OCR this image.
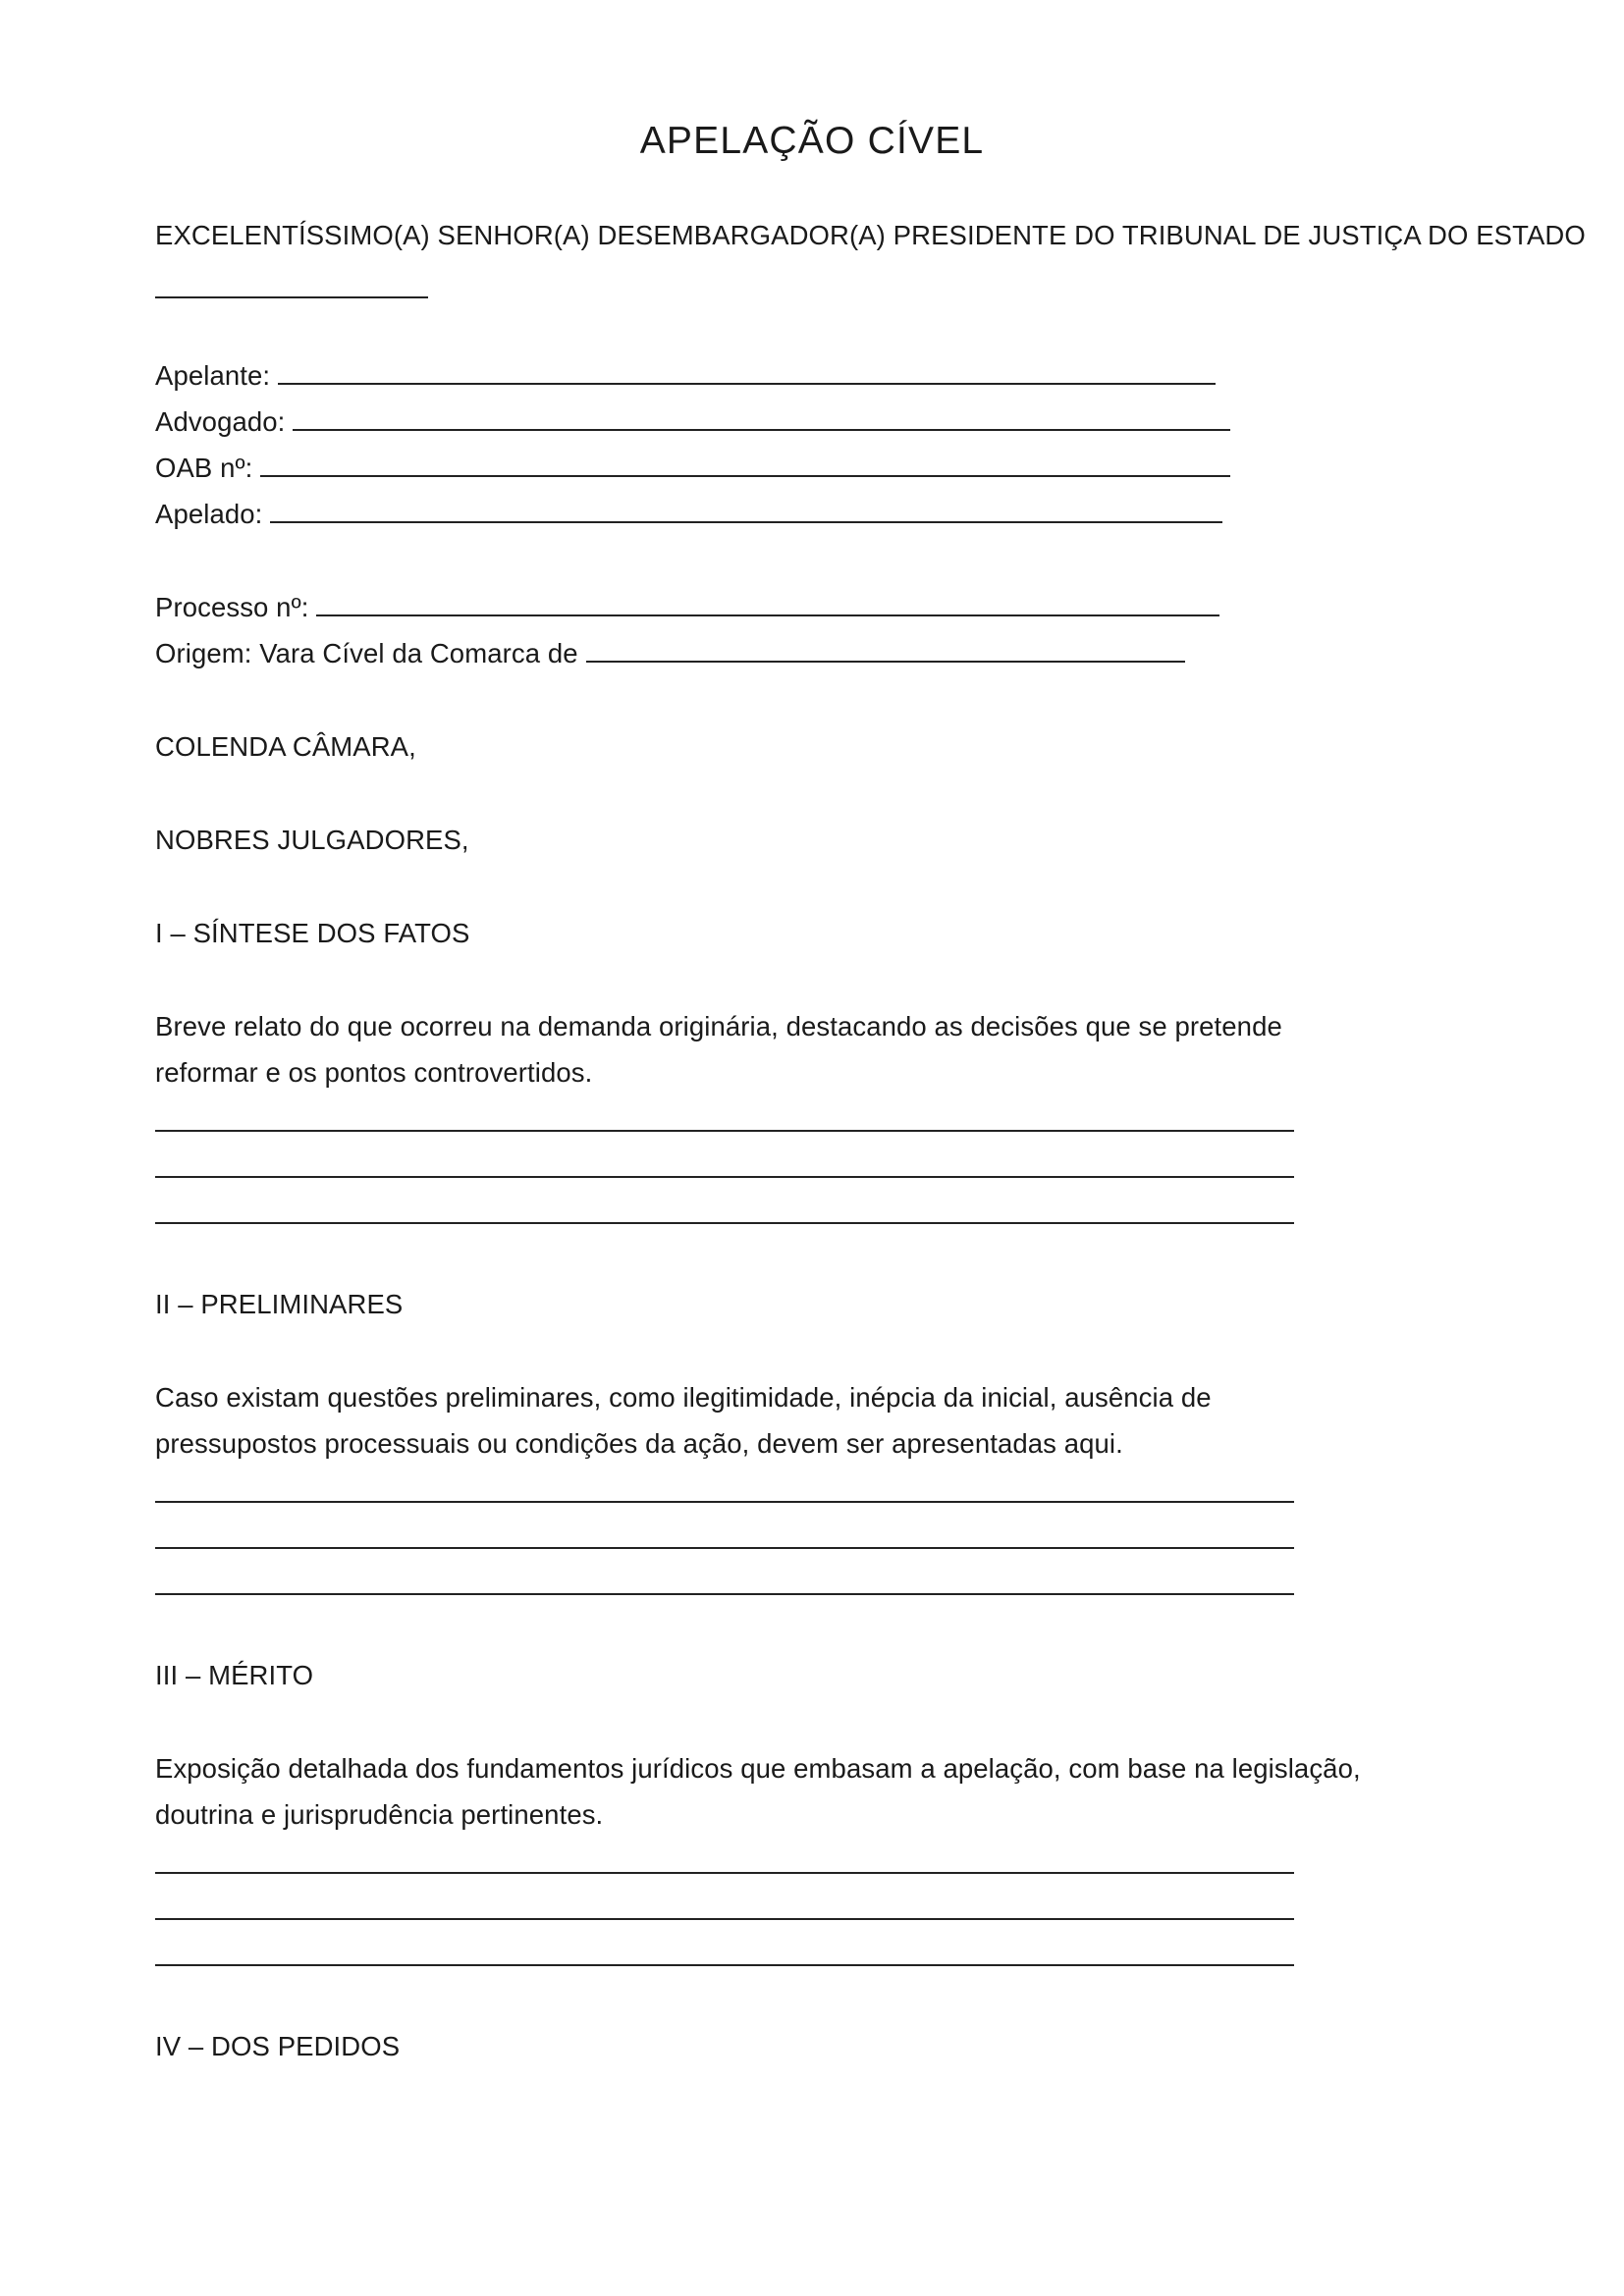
APELAÇÃO CÍVEL
EXCELENTÍSSIMO(A) SENHOR(A) DESEMBARGADOR(A) PRESIDENTE DO TRIBUNAL DE JUSTIÇA DO ESTADO
Apelante:
Advogado:
OAB nº:
Apelado:
Processo nº:
Origem: Vara Cível da Comarca de
COLENDA CÂMARA,
NOBRES JULGADORES,
I – SÍNTESE DOS FATOS
Breve relato do que ocorreu na demanda originária, destacando as decisões que se pretende
reformar e os pontos controvertidos.
II – PRELIMINARES
Caso existam questões preliminares, como ilegitimidade, inépcia da inicial, ausência de
pressupostos processuais ou condições da ação, devem ser apresentadas aqui.
III – MÉRITO
Exposição detalhada dos fundamentos jurídicos que embasam a apelação, com base na legislação,
doutrina e jurisprudência pertinentes.
IV – DOS PEDIDOS
